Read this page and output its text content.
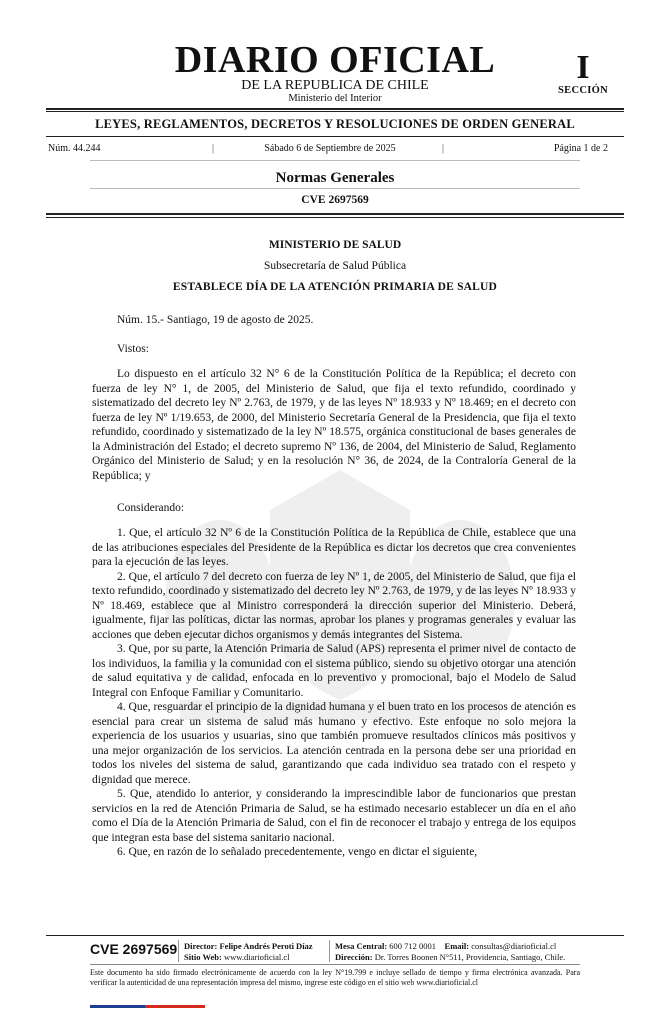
DIARIO OFICIAL
DE LA REPUBLICA DE CHILE
Ministerio del Interior
I
SECCIÓN
LEYES, REGLAMENTOS, DECRETOS Y RESOLUCIONES DE ORDEN GENERAL
Núm. 44.244	|	Sábado 6 de Septiembre de 2025	|	Página 1 de 2
Normas Generales
CVE 2697569
MINISTERIO DE SALUD
Subsecretaría de Salud Pública
ESTABLECE DÍA DE LA ATENCIÓN PRIMARIA DE SALUD
Núm. 15.- Santiago, 19 de agosto de 2025.
Vistos:

Lo dispuesto en el artículo 32 N° 6 de la Constitución Política de la República; el decreto con fuerza de ley N° 1, de 2005, del Ministerio de Salud, que fija el texto refundido, coordinado y sistematizado del decreto ley Nº 2.763, de 1979, y de las leyes Nº 18.933 y Nº 18.469; en el decreto con fuerza de ley Nº 1/19.653, de 2000, del Ministerio Secretaría General de la Presidencia, que fija el texto refundido, coordinado y sistematizado de la ley Nº 18.575, orgánica constitucional de bases generales de la Administración del Estado; el decreto supremo Nº 136, de 2004, del Ministerio de Salud, Reglamento Orgánico del Ministerio de Salud; y en la resolución N° 36, de 2024, de la Contraloría General de la República; y

Considerando:

1. Que, el artículo 32 Nº 6 de la Constitución Política de la República de Chile, establece que una de las atribuciones especiales del Presidente de la República es dictar los decretos que crea convenientes para la ejecución de las leyes.

2. Que, el artículo 7 del decreto con fuerza de ley Nº 1, de 2005, del Ministerio de Salud, que fija el texto refundido, coordinado y sistematizado del decreto ley Nº 2.763, de 1979, y de las leyes Nº 18.933 y Nº 18.469, establece que al Ministro corresponderá la dirección superior del Ministerio. Deberá, igualmente, fijar las políticas, dictar las normas, aprobar los planes y programas generales y evaluar las acciones que deben ejecutar dichos organismos y demás integrantes del Sistema.

3. Que, por su parte, la Atención Primaria de Salud (APS) representa el primer nivel de contacto de los individuos, la familia y la comunidad con el sistema público, siendo su objetivo otorgar una atención de salud equitativa y de calidad, enfocada en lo preventivo y promocional, bajo el Modelo de Salud Integral con Enfoque Familiar y Comunitario.

4. Que, resguardar el principio de la dignidad humana y el buen trato en los procesos de atención es esencial para crear un sistema de salud más humano y efectivo. Este enfoque no solo mejora la experiencia de los usuarios y usuarias, sino que también promueve resultados clínicos más positivos y una mejor organización de los servicios. La atención centrada en la persona debe ser una prioridad en todos los niveles del sistema de salud, garantizando que cada individuo sea tratado con el respeto y dignidad que merece.

5. Que, atendido lo anterior, y considerando la imprescindible labor de funcionarios que prestan servicios en la red de Atención Primaria de Salud, se ha estimado necesario establecer un día en el año como el Día de la Atención Primaria de Salud, con el fin de reconocer el trabajo y entrega de los equipos que integran esta base del sistema sanitario nacional.

6. Que, en razón de lo señalado precedentemente, vengo en dictar el siguiente,

CVE 2697569 Director: Felipe Andrés Peroti Díaz
Sitio Web: www.diarioficial.cl
Mesa Central: 600 712 0001 Email: consultas@diarioficial.cl
Dirección: Dr. Torres Boonen N°511, Providencia, Santiago, Chile.
Este documento ha sido firmado electrónicamente de acuerdo con la ley N°19.799 e incluye sellado de tiempo y firma electrónica avanzada. Para verificar la autenticidad de una representación impresa del mismo, ingrese este código en el sitio web www.diarioficial.cl
